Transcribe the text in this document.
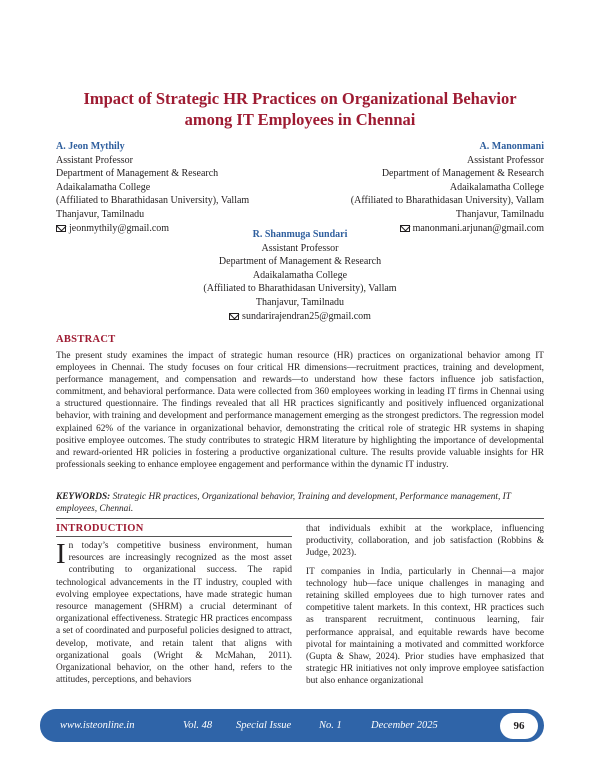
Impact of Strategic HR Practices on Organizational Behavior
among IT Employees in Chennai
A. Jeon Mythily
Assistant Professor
Department of Management & Research
Adaikalamatha College
(Affiliated to Bharathidasan University), Vallam
Thanjavur, Tamilnadu
jeonmythily@gmail.com
A. Manonmani
Assistant Professor
Department of Management & Research
Adaikalamatha College
(Affiliated to Bharathidasan University), Vallam
Thanjavur, Tamilnadu
manonmani.arjunan@gmail.com
R. Shanmuga Sundari
Assistant Professor
Department of Management & Research
Adaikalamatha College
(Affiliated to Bharathidasan University), Vallam
Thanjavur, Tamilnadu
sundarirajendran25@gmail.com
ABSTRACT

The present study examines the impact of strategic human resource (HR) practices on organizational behavior among IT employees in Chennai. The study focuses on four critical HR dimensions—recruitment practices, training and development, performance management, and compensation and rewards—to understand how these factors influence job satisfaction, commitment, and behavioral performance. Data were collected from 360 employees working in leading IT firms in Chennai using a structured questionnaire. The findings revealed that all HR practices significantly and positively influenced organizational behavior, with training and development and performance management emerging as the strongest predictors. The regression model explained 62% of the variance in organizational behavior, demonstrating the critical role of strategic HR systems in shaping positive employee outcomes. The study contributes to strategic HRM literature by highlighting the importance of developmental and reward-oriented HR policies in fostering a productive organizational culture. The results provide valuable insights for HR professionals seeking to enhance employee engagement and performance within the dynamic IT industry.

KEYWORDS: Strategic HR practices, Organizational behavior, Training and development, Performance management, IT employees, Chennai.

INTRODUCTION

In today’s competitive business environment, human resources are increasingly recognized as the most asset contributing to organizational success. The rapid technological advancements in the IT industry, coupled with evolving employee expectations, have made strategic human resource management (SHRM) a crucial determinant of organizational effectiveness. Strategic HR practices encompass a set of coordinated and purposeful policies designed to attract, develop, motivate, and retain talent that aligns with organizational goals (Wright & McMahan, 2011). Organizational behavior, on the other hand, refers to the attitudes, perceptions, and behaviors

that individuals exhibit at the workplace, influencing productivity, collaboration, and job satisfaction (Robbins & Judge, 2023).

IT companies in India, particularly in Chennai—a major technology hub—face unique challenges in managing and retaining skilled employees due to high turnover rates and competitive talent markets. In this context, HR practices such as transparent recruitment, continuous learning, fair performance appraisal, and equitable rewards have become pivotal for maintaining a motivated and committed workforce (Gupta & Shaw, 2024). Prior studies have emphasized that strategic HR initiatives not only improve employee satisfaction but also enhance organizational

www.isteonline.in	Vol. 48 Special Issue	No. 1	December 2025	96
